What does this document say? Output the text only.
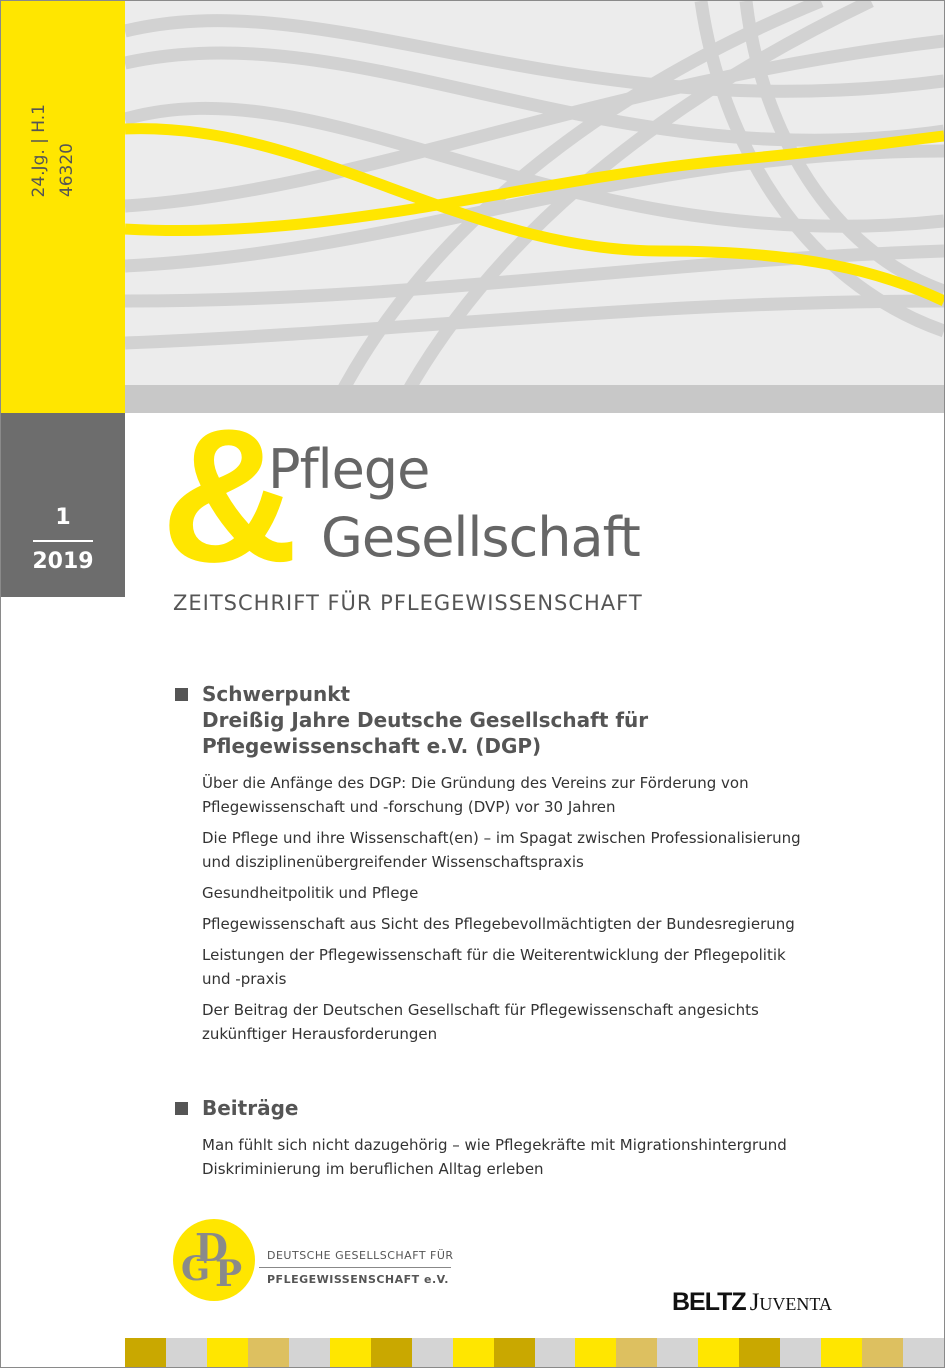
24.Jg. | H.1 46320
1
2019 &
Pflege
Gesellschaft
ZEITSCHRIFT FÜR PFLEGEWISSENSCHAFT
Schwerpunkt
Dreißig Jahre Deutsche Gesellschaft für
Pflegewissenschaft e.V. (DGP)
Über die Anfänge des DGP: Die Gründung des Vereins zur Förderung von
Pflegewissenschaft und -forschung (DVP) vor 30 Jahren
Die Pflege und ihre Wissenschaft(en) – im Spagat zwischen Professionalisierung
und disziplinenübergreifender Wissenschaftspraxis
Gesundheitpolitik und Pflege
Pflegewissenschaft aus Sicht des Pflegebevollmächtigten der Bundesregierung
Leistungen der Pflegewissenschaft für die Weiterentwicklung der Pflegepolitik
und -praxis
Der Beitrag der Deutschen Gesellschaft für Pflegewissenschaft angesichts
zukünftiger Herausforderungen
Beiträge
Man fühlt sich nicht dazugehörig – wie Pflegekräfte mit Migrationshintergrund
Diskriminierung im beruflichen Alltag erleben
D
G P DEUTSCHE GESELLSCHAFT FÜR
PFLEGEWISSENSCHAFT e.V.
BELTZ Juventa
